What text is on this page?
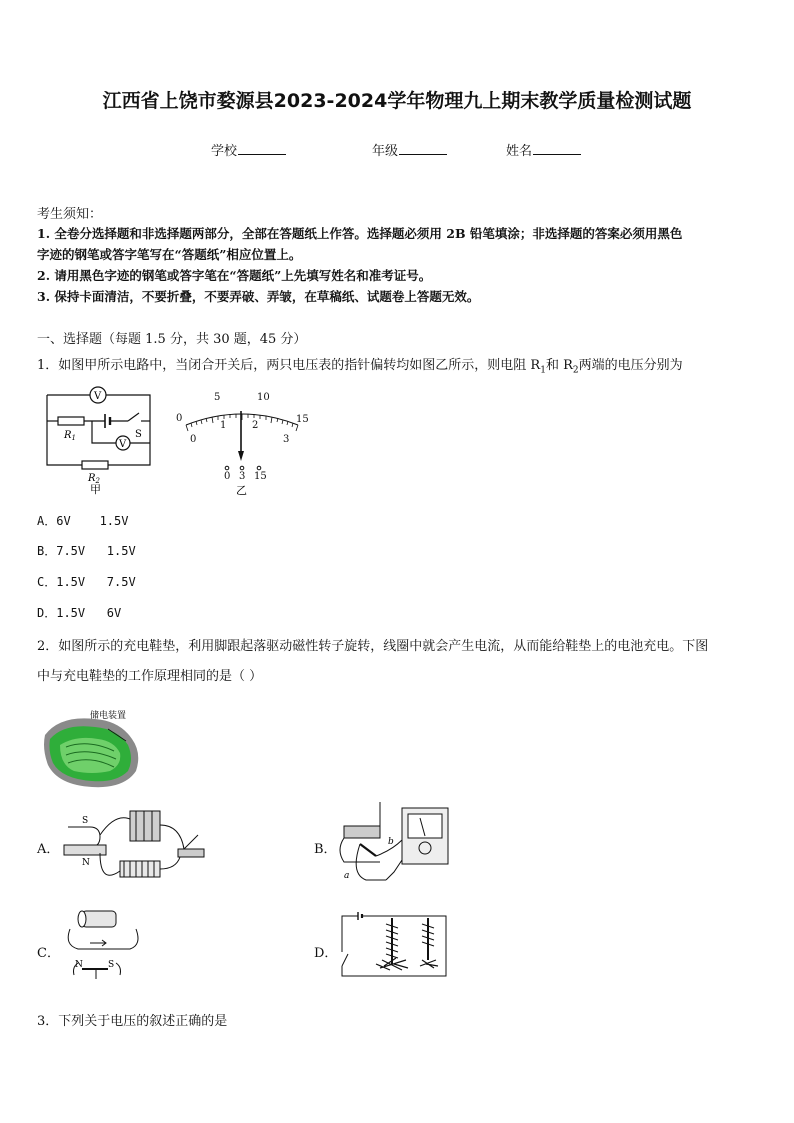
江西省上饶市婺源县2023-2024学年物理九上期末教学质量检测试题
学校	年级	姓名
考生须知：
1. 全卷分选择题和非选择题两部分，全部在答题纸上作答。选择题必须用 2B 铅笔填涂；非选择题的答案必须用黑色
字迹的钢笔或答字笔写在“答题纸”相应位置上。
2. 请用黑色字迹的钢笔或答字笔在“答题纸”上先填写姓名和准考证号。
3. 保持卡面清洁，不要折叠，不要弄破、弄皱，在草稿纸、试题卷上答题无效。
一、选择题（每题 1.5 分，共 30 题，45 分）
1．如图甲所示电路中，当闭合开关后，两只电压表的指针偏转均如图乙所示，则电阻 $R_1$和 $R_2$两端的电压分别为
V
V
$R_1$	S
$R_2$
甲
0
5	10
15
0
1	2
3
0 3 15
乙
A．6V    1.5V
B．7.5V   1.5V
C．1.5V   7.5V
D．1.5V   6V
2．如图所示的充电鞋垫，利用脚跟起落驱动磁性转子旋转，线圈中就会产生电流，从而能给鞋垫上的电池充电。下图
中与充电鞋垫的工作原理相同的是（ ）
储电装置
A．
S
N
B．	b
a
C．
N	S
D．
3．下列关于电压的叙述正确的是
